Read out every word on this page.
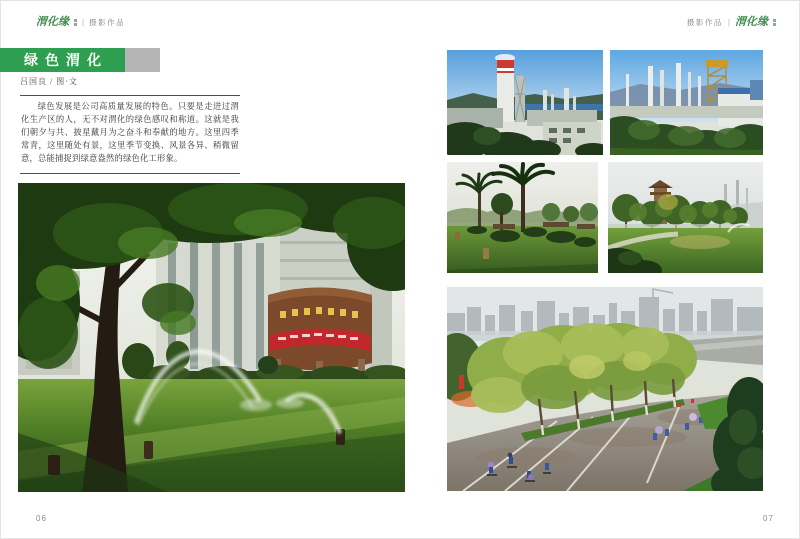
渭化缘 | 摄影作品	摄影作品 | 渭化缘
绿色渭化
吕国良 / 图·文

绿色发展是公司高质量发展的特色。只要是走进过渭化生产区的人，无不对渭化的绿色感叹和称道。这就是我们朝夕与共、披星戴月为之奋斗和奉献的地方。这里四季常青，这里随处有景，这里季节变换、风景各异、稍微留意，总能捕捉到绿意盎然的绿色化工形象。

06	07
